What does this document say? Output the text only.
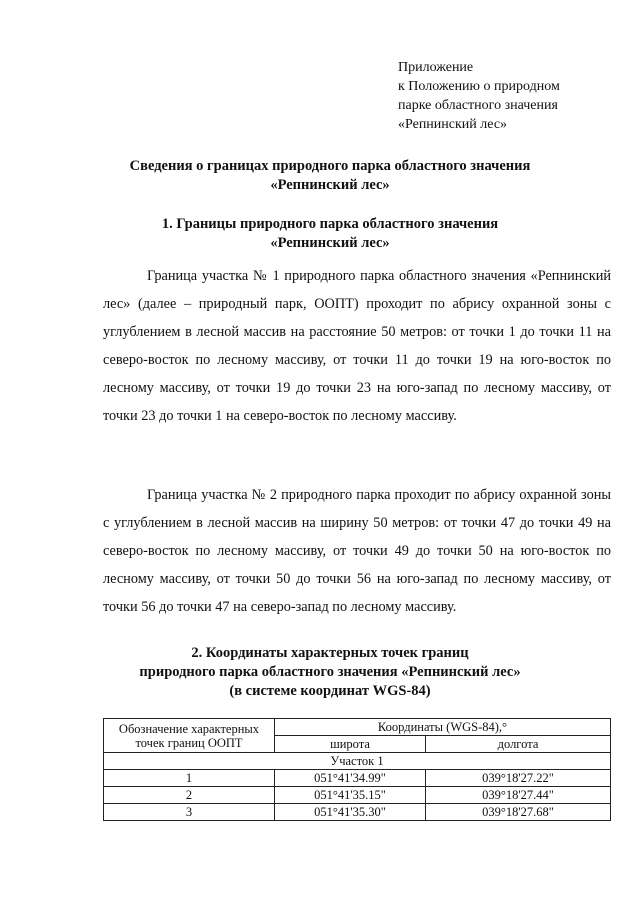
Приложение
к Положению о природном
парке областного значения
«Репнинский лес»
Сведения о границах природного парка областного значения
«Репнинский лес»
1. Границы природного парка областного значения
«Репнинский лес»
Граница участка № 1 природного парка областного значения «Репнинский лес» (далее – природный парк, ООПТ) проходит по абрису охранной зоны с углублением в лесной массив на расстояние 50 метров: от точки 1 до точки 11 на северо-восток по лесному массиву, от точки 11 до точки 19 на юго-восток по лесному массиву, от точки 19 до точки 23 на юго-запад по лесному массиву, от точки 23 до точки 1 на северо-восток по лесному массиву.
Граница участка № 2 природного парка проходит по абрису охранной зоны с углублением в лесной массив на ширину 50 метров: от точки 47 до точки 49 на северо-восток по лесному массиву, от точки 49 до точки 50 на юго-восток по лесному массиву, от точки 50 до точки 56 на юго-запад по лесному массиву, от точки 56 до точки 47 на северо-запад по лесному массиву.
2. Координаты характерных точек границ
природного парка областного значения «Репнинский лес»
(в системе координат WGS-84)
Обозначение характерных точек границ ООПТ	Координаты (WGS-84),°	
	широта	долгота
Участок 1		
1	051°41'34.99"	039°18'27.22"
2	051°41'35.15"	039°18'27.44"
3	051°41'35.30"	039°18'27.68"
